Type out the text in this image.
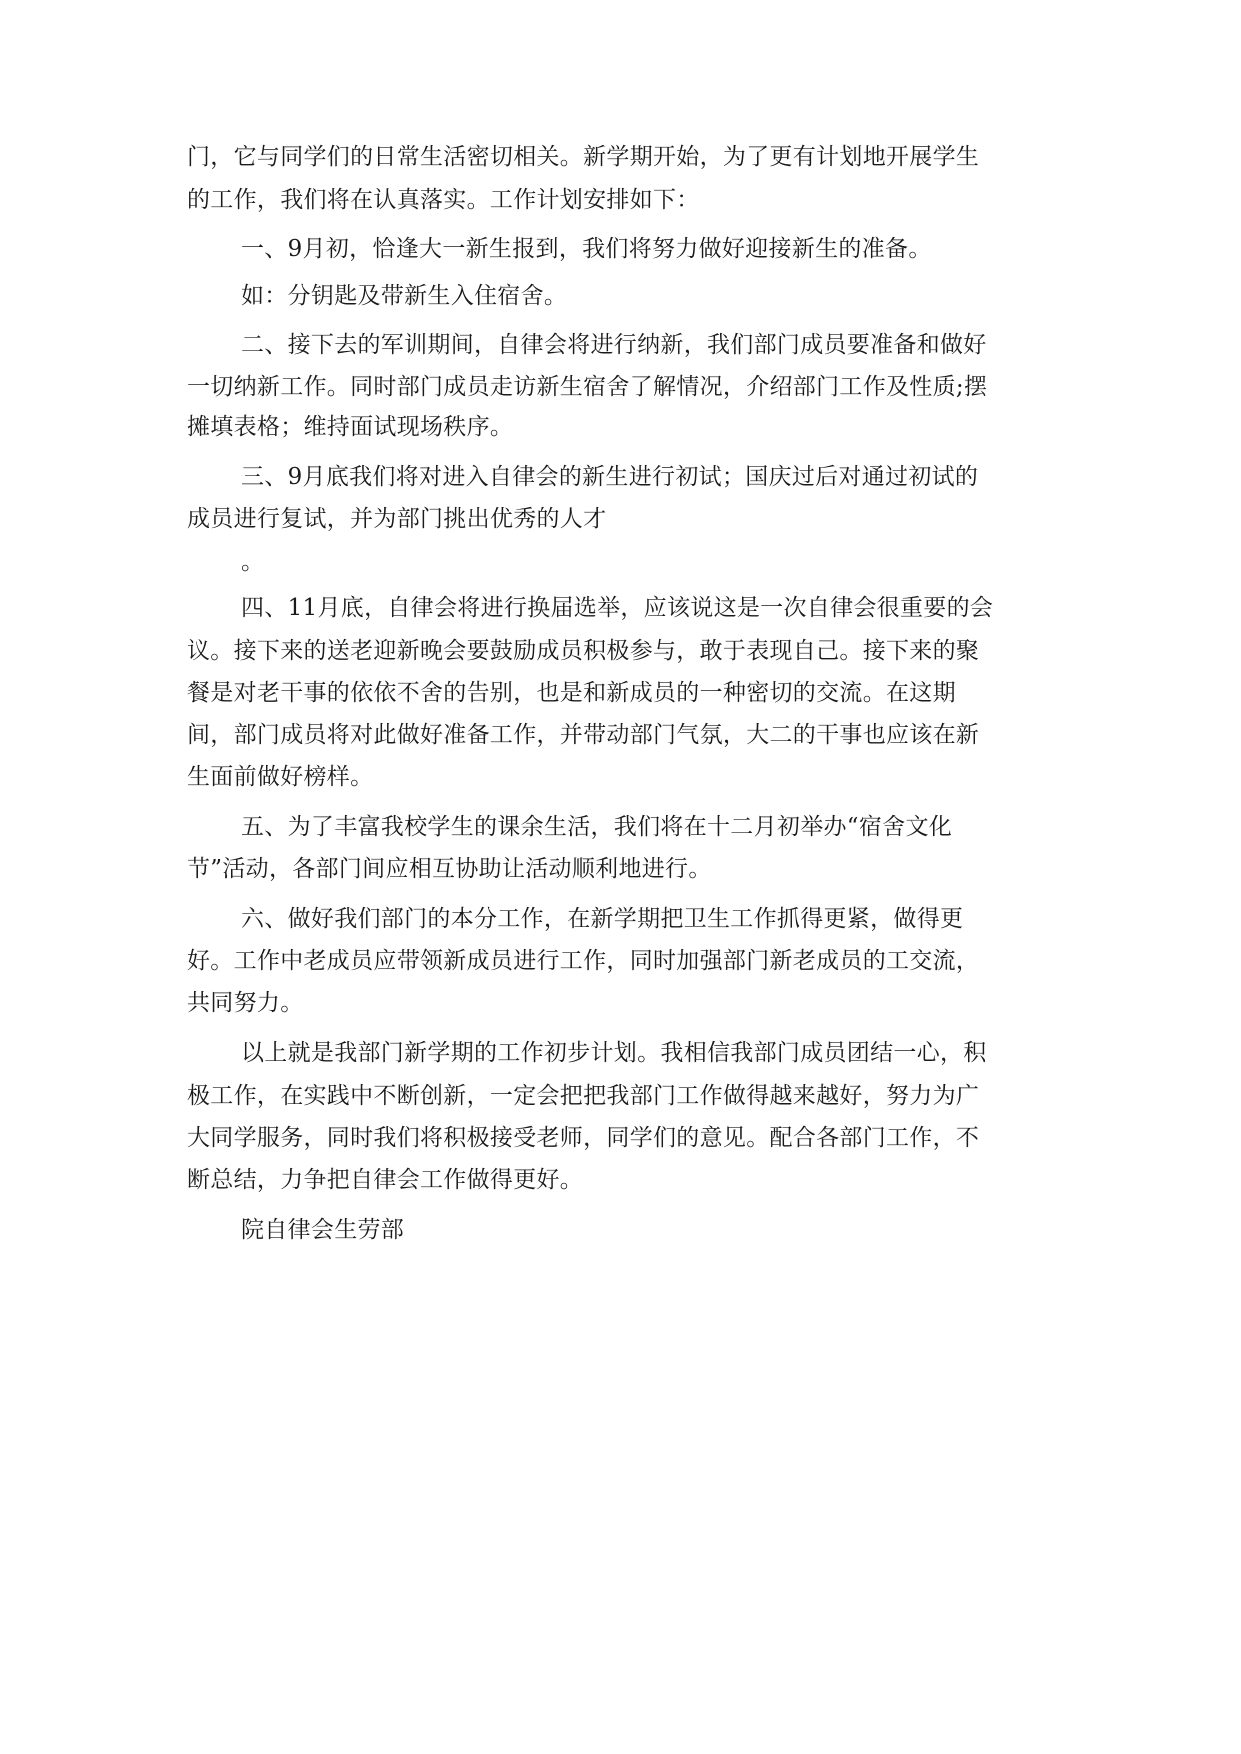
门，它与同学们的日常生活密切相关。新学期开始，为了更有计划地开展学生
的工作，我们将在认真落实。工作计划安排如下：
一、9月初，恰逢大一新生报到，我们将努力做好迎接新生的准备。
如：分钥匙及带新生入住宿舍。
二、接下去的军训期间，自律会将进行纳新，我们部门成员要准备和做好
一切纳新工作。同时部门成员走访新生宿舍了解情况，介绍部门工作及性质;摆
摊填表格；维持面试现场秩序。
三、9月底我们将对进入自律会的新生进行初试；国庆过后对通过初试的
成员进行复试，并为部门挑出优秀的人才
。
四、11月底，自律会将进行换届选举，应该说这是一次自律会很重要的会
议。接下来的送老迎新晚会要鼓励成员积极参与，敢于表现自己。接下来的聚
餐是对老干事的依依不舍的告别，也是和新成员的一种密切的交流。在这期
间，部门成员将对此做好准备工作，并带动部门气氛，大二的干事也应该在新
生面前做好榜样。
五、为了丰富我校学生的课余生活，我们将在十二月初举办“宿舍文化
节”活动，各部门间应相互协助让活动顺利地进行。
六、做好我们部门的本分工作，在新学期把卫生工作抓得更紧，做得更
好。工作中老成员应带领新成员进行工作，同时加强部门新老成员的工交流，
共同努力。
以上就是我部门新学期的工作初步计划。我相信我部门成员团结一心，积
极工作，在实践中不断创新，一定会把把我部门工作做得越来越好，努力为广
大同学服务，同时我们将积极接受老师，同学们的意见。配合各部门工作，不
断总结，力争把自律会工作做得更好。
院自律会生劳部
